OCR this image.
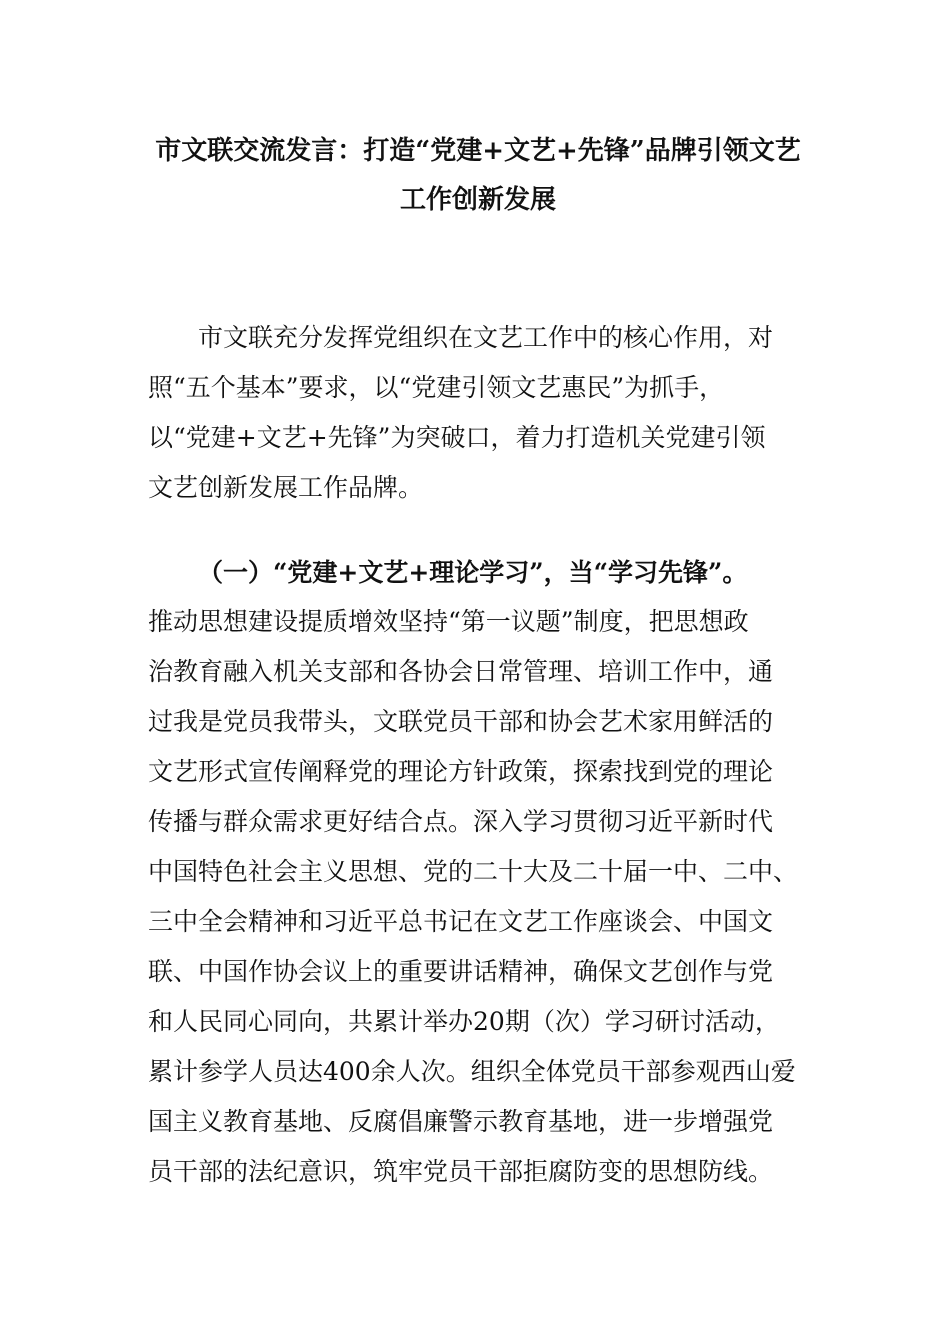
市文联交流发言：打造“党建+文艺+先锋”品牌引领文艺
工作创新发展
市文联充分发挥党组织在文艺工作中的核心作用，对
照“五个基本”要求，以“党建引领文艺惠民”为抓手，
以“党建+文艺+先锋”为突破口，着力打造机关党建引领
文艺创新发展工作品牌。
（一）“党建+文艺+理论学习”，当“学习先锋”。
推动思想建设提质增效坚持“第一议题”制度，把思想政
治教育融入机关支部和各协会日常管理、培训工作中，通
过我是党员我带头，文联党员干部和协会艺术家用鲜活的
文艺形式宣传阐释党的理论方针政策，探索找到党的理论
传播与群众需求更好结合点。深入学习贯彻习近平新时代
中国特色社会主义思想、党的二十大及二十届一中、二中、
三中全会精神和习近平总书记在文艺工作座谈会、中国文
联、中国作协会议上的重要讲话精神，确保文艺创作与党
和人民同心同向，共累计举办20期（次）学习研讨活动，
累计参学人员达400余人次。组织全体党员干部参观西山爱
国主义教育基地、反腐倡廉警示教育基地，进一步增强党
员干部的法纪意识，筑牢党员干部拒腐防变的思想防线。
